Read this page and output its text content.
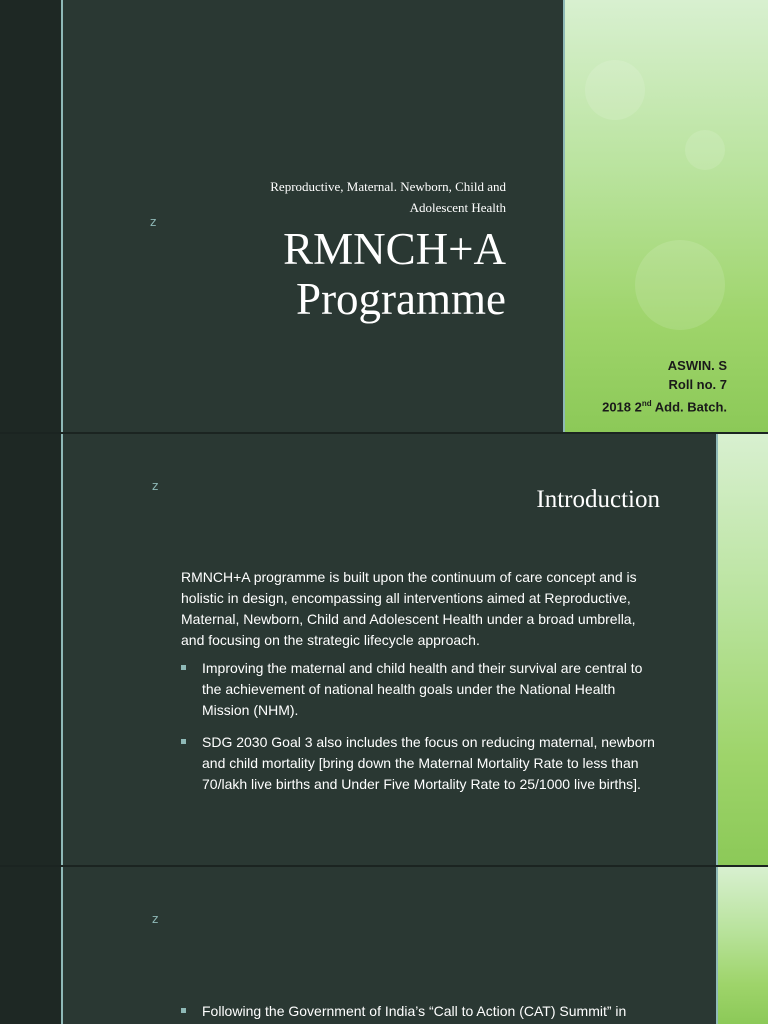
z
Reproductive, Maternal. Newborn, Child and
Adolescent Health
RMNCH+A
Programme
ASWIN. S
Roll no. 7
2018 2nd Add. Batch.
z	Introduction
RMNCH+A programme is built upon the continuum of care concept and is holistic in design, encompassing all interventions aimed at Reproductive, Maternal, Newborn, Child and Adolescent Health under a broad umbrella, and focusing on the strategic lifecycle approach.
Improving the maternal and child health and their survival are central to the achievement of national health goals under the National Health Mission (NHM).
SDG 2030 Goal 3 also includes the focus on reducing maternal, newborn and child mortality [bring down the Maternal Mortality Rate to less than 70/lakh live births and Under Five Mortality Rate to 25/1000 live births].
z
Following the Government of India’s “Call to Action (CAT) Summit” in
